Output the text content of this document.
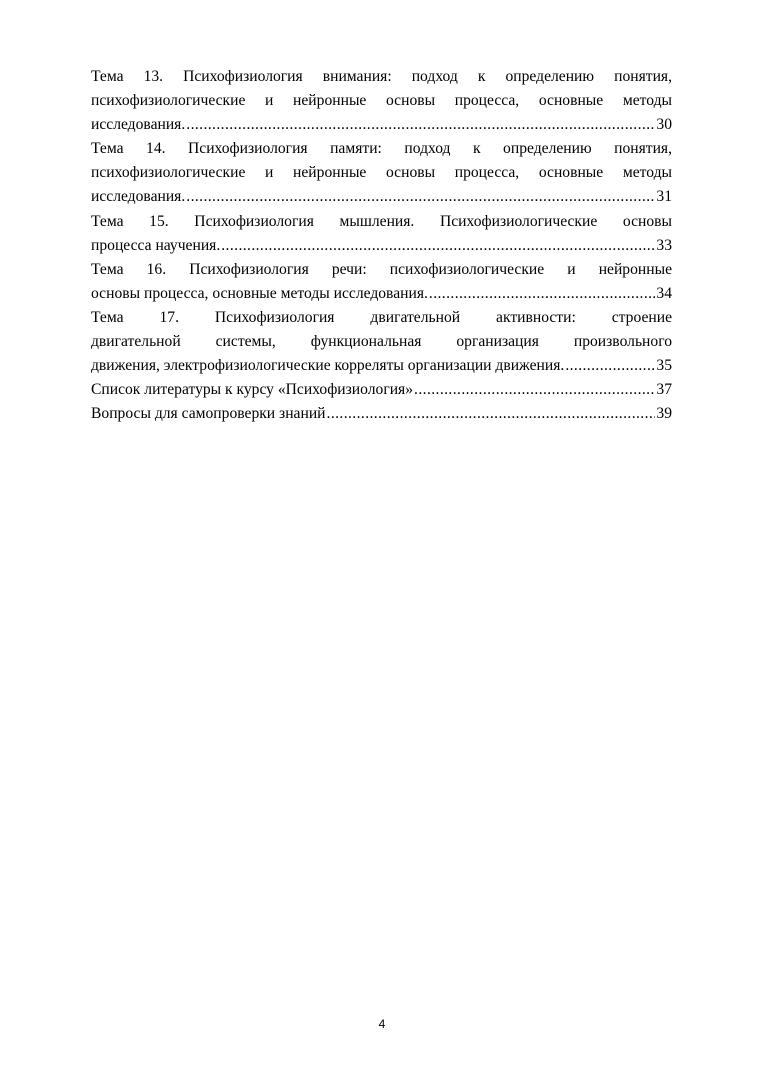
Тема 13. Психофизиология внимания: подход к определению понятия,
психофизиологические и нейронные основы процесса, основные методы
исследования. .....	30
Тема 14. Психофизиология памяти: подход к определению понятия,
психофизиологические и нейронные основы процесса, основные методы
исследования. .....	31
Тема 15. Психофизиология мышления. Психофизиологические основы
процесса научения. .....	33
Тема 16. Психофизиология речи: психофизиологические и нейронные
основы процесса, основные методы исследования. .....	34
Тема 17. Психофизиология двигательной активности: строение
двигательной системы, функциональная организация произвольного
движения, электрофизиологические корреляты организации движения. .....	35
Список литературы к курсу «Психофизиология» .....	37
Вопросы для самопроверки знаний .....	39
4
